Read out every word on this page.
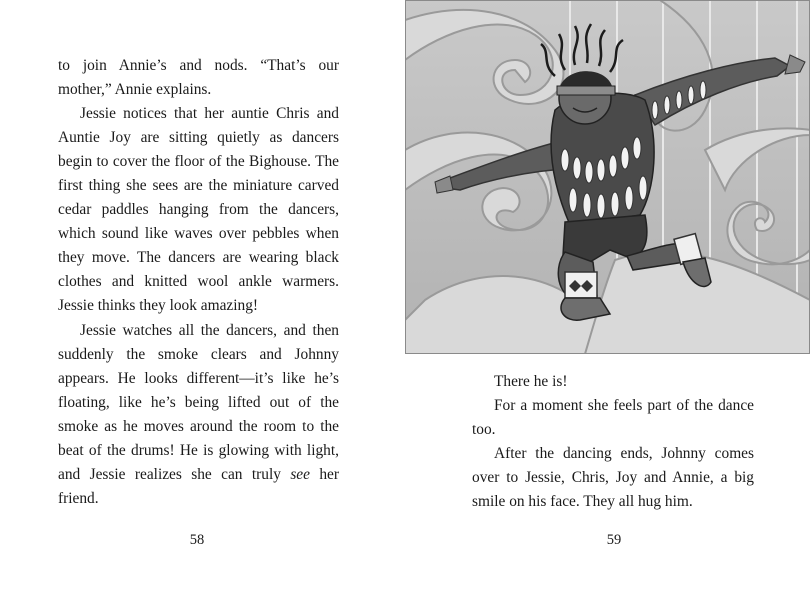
to join Annie’s and nods. “That’s our mother,” Annie explains.

Jessie notices that her auntie Chris and Auntie Joy are sitting quietly as dancers begin to cover the floor of the Bighouse. The first thing she sees are the miniature carved cedar paddles hanging from the dancers, which sound like waves over pebbles when they move. The dancers are wearing black clothes and knitted wool ankle warmers. Jessie thinks they look amazing!

Jessie watches all the dancers, and then suddenly the smoke clears and Johnny appears. He looks different—it’s like he’s floating, like he’s being lifted out of the smoke as he moves around the room to the beat of the drums! He is glowing with light, and Jessie realizes she can truly see her friend.

58

There he is!

For a moment she feels part of the dance too.

After the dancing ends, Johnny comes over to Jessie, Chris, Joy and Annie, a big smile on his face. They all hug him.

59
